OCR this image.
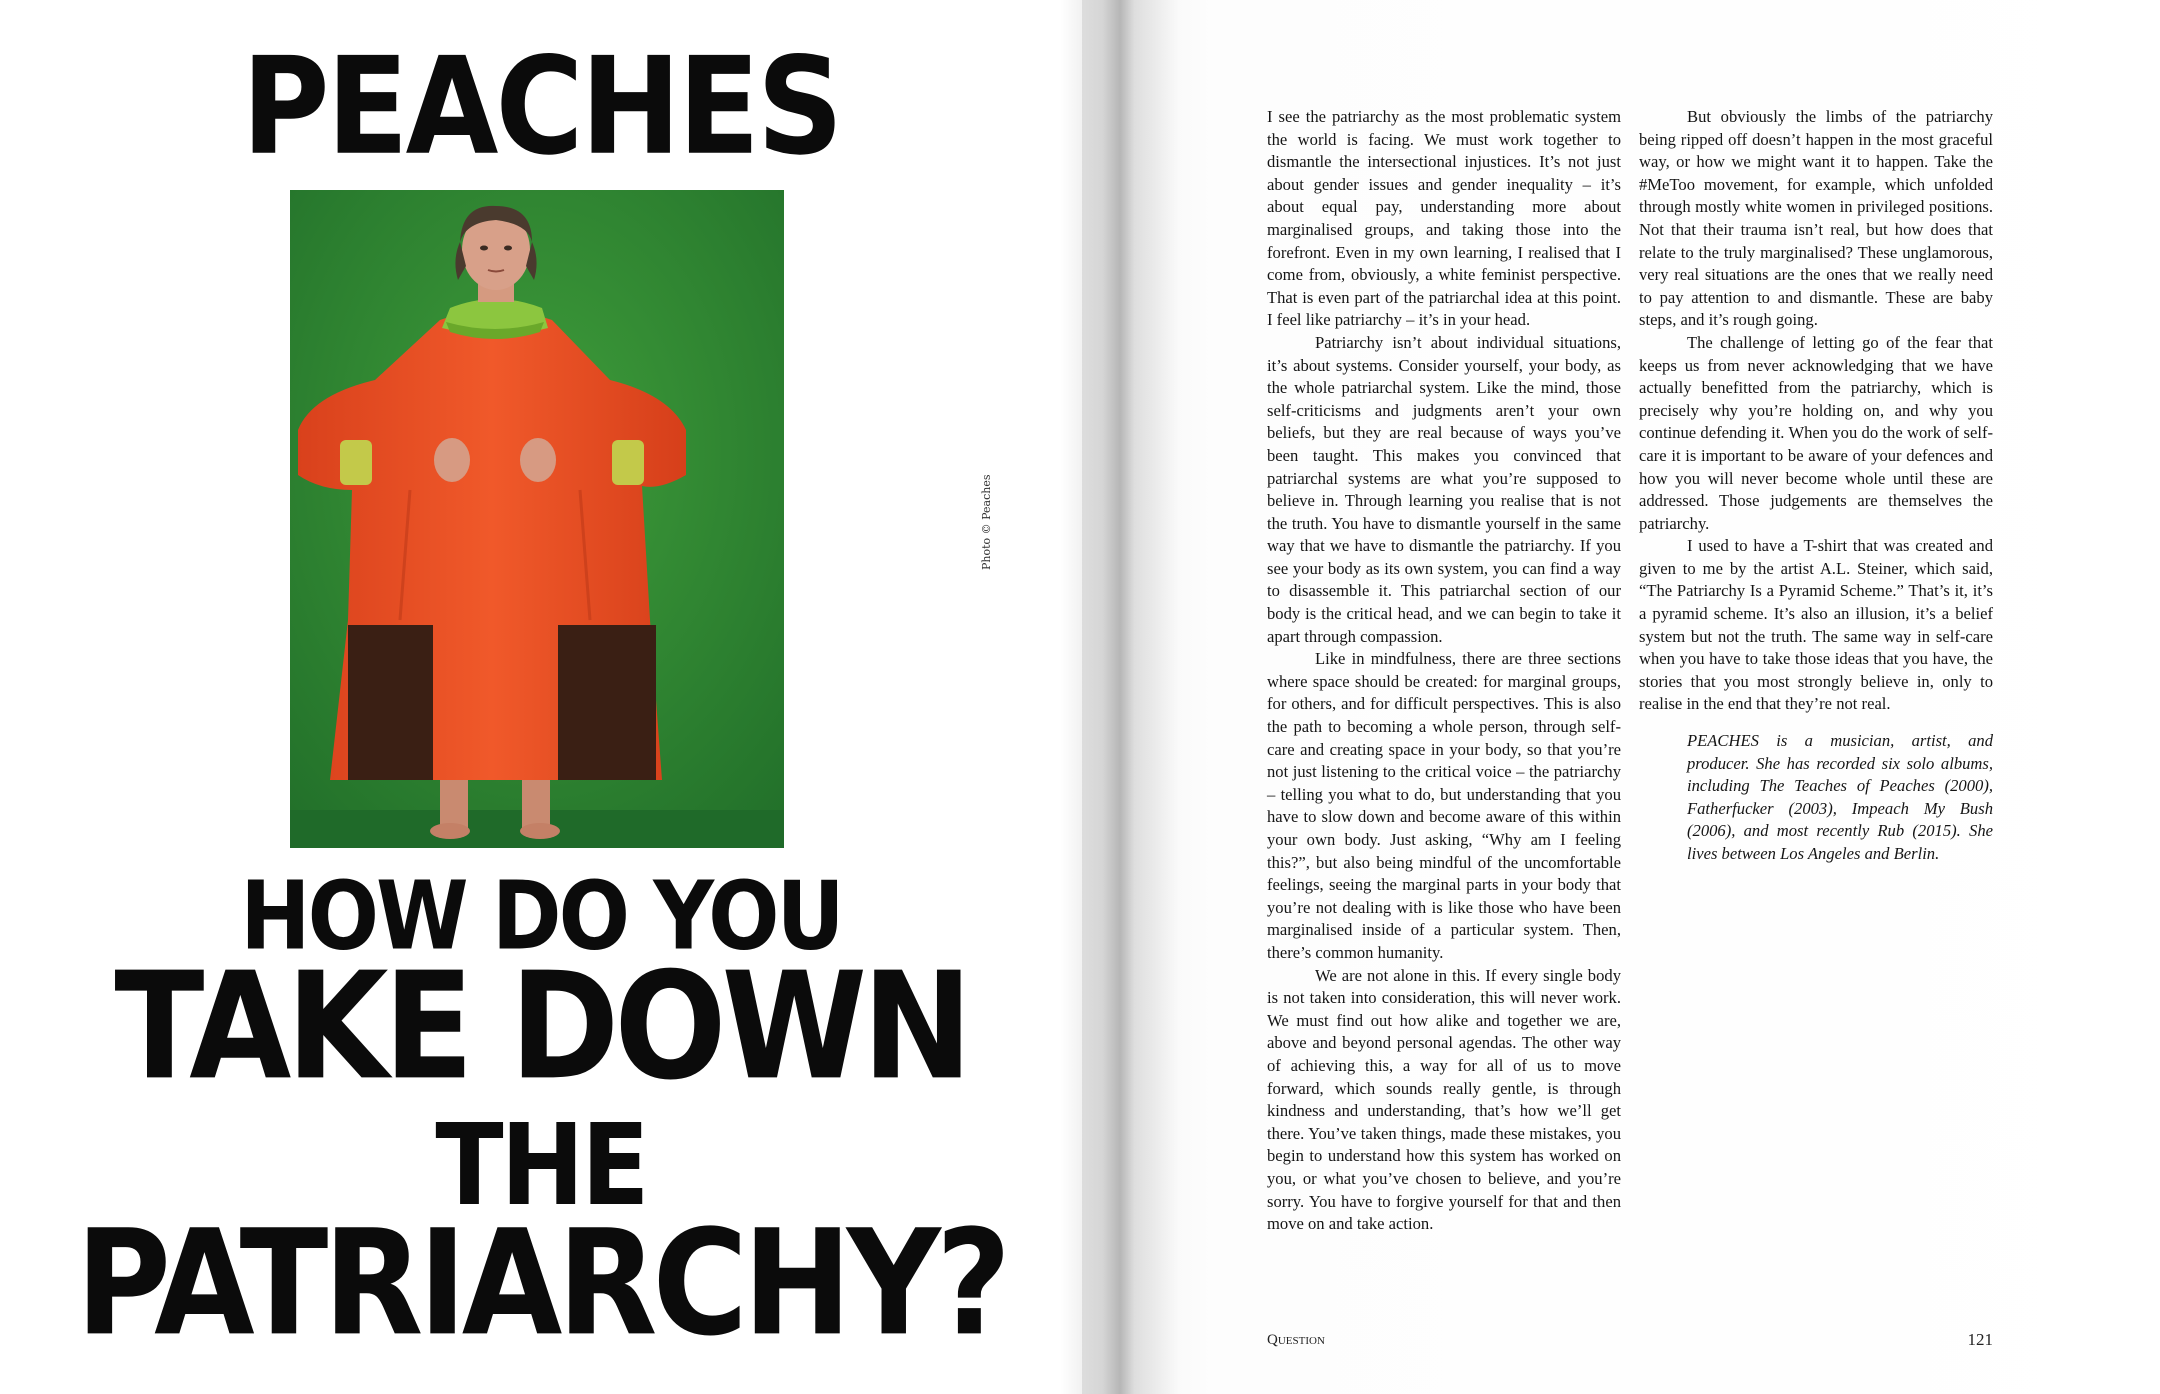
PEACHES
Photo © Peaches
HOW DO YOU
TAKE DOWN
THE
PATRIARCHY?

I see the patriarchy as the most problematic system the world is facing. We must work together to dismantle the intersectional injustices. It’s not just about gender issues and gender inequality – it’s about equal pay, understanding more about marginalised groups, and taking those into the forefront. Even in my own learning, I realised that I come from, obviously, a white feminist perspective. That is even part of the patriarchal idea at this point. I feel like patriarchy – it’s in your head.

Patriarchy isn’t about individual situations, it’s about systems. Consider yourself, your body, as the whole patriarchal system. Like the mind, those self-criticisms and judgments aren’t your own beliefs, but they are real because of ways you’ve been taught. This makes you convinced that patriarchal systems are what you’re supposed to believe in. Through learning you realise that is not the truth. You have to dismantle yourself in the same way that we have to dismantle the patriarchy. If you see your body as its own system, you can find a way to disassemble it. This patriarchal section of our body is the critical head, and we can begin to take it apart through compassion.

Like in mindfulness, there are three sections where space should be created: for marginal groups, for others, and for difficult perspectives. This is also the path to becoming a whole person, through self-care and creating space in your body, so that you’re not just listening to the critical voice – the patriarchy – telling you what to do, but understanding that you have to slow down and become aware of this within your own body. Just asking, “Why am I feeling this?”, but also being mindful of the uncomfortable feelings, seeing the marginal parts in your body that you’re not dealing with is like those who have been marginalised inside of a particular system. Then, there’s common humanity.

We are not alone in this. If every single body is not taken into consideration, this will never work. We must find out how alike and together we are, above and beyond personal agendas. The other way of achieving this, a way for all of us to move forward, which sounds really gentle, is through kindness and understanding, that’s how we’ll get there. You’ve taken things, made these mistakes, you begin to understand how this system has worked on you, or what you’ve chosen to believe, and you’re sorry. You have to forgive yourself for that and then move on and take action.

But obviously the limbs of the patriarchy being ripped off doesn’t happen in the most graceful way, or how we might want it to happen. Take the #MeToo movement, for example, which unfolded through mostly white women in privileged positions. Not that their trauma isn’t real, but how does that relate to the truly marginalised? These unglamorous, very real situations are the ones that we really need to pay attention to and dismantle. These are baby steps, and it’s rough going.

The challenge of letting go of the fear that keeps us from never acknowledging that we have actually benefitted from the patriarchy, which is precisely why you’re holding on, and why you continue defending it. When you do the work of self-care it is important to be aware of your defences and how you will never become whole until these are addressed. Those judgements are themselves the patriarchy.

I used to have a T-shirt that was created and given to me by the artist A.L. Steiner, which said, “The Patriarchy Is a Pyramid Scheme.” That’s it, it’s a pyramid scheme. It’s also an illusion, it’s a belief system but not the truth. The same way in self-care when you have to take those ideas that you have, the stories that you most strongly believe in, only to realise in the end that they’re not real.

PEACHES is a musician, artist, and producer. She has recorded six solo albums, including The Teaches of Peaches (2000), Fatherfucker (2003), Impeach My Bush (2006), and most recently Rub (2015). She lives between Los Angeles and Berlin.

Question	121
